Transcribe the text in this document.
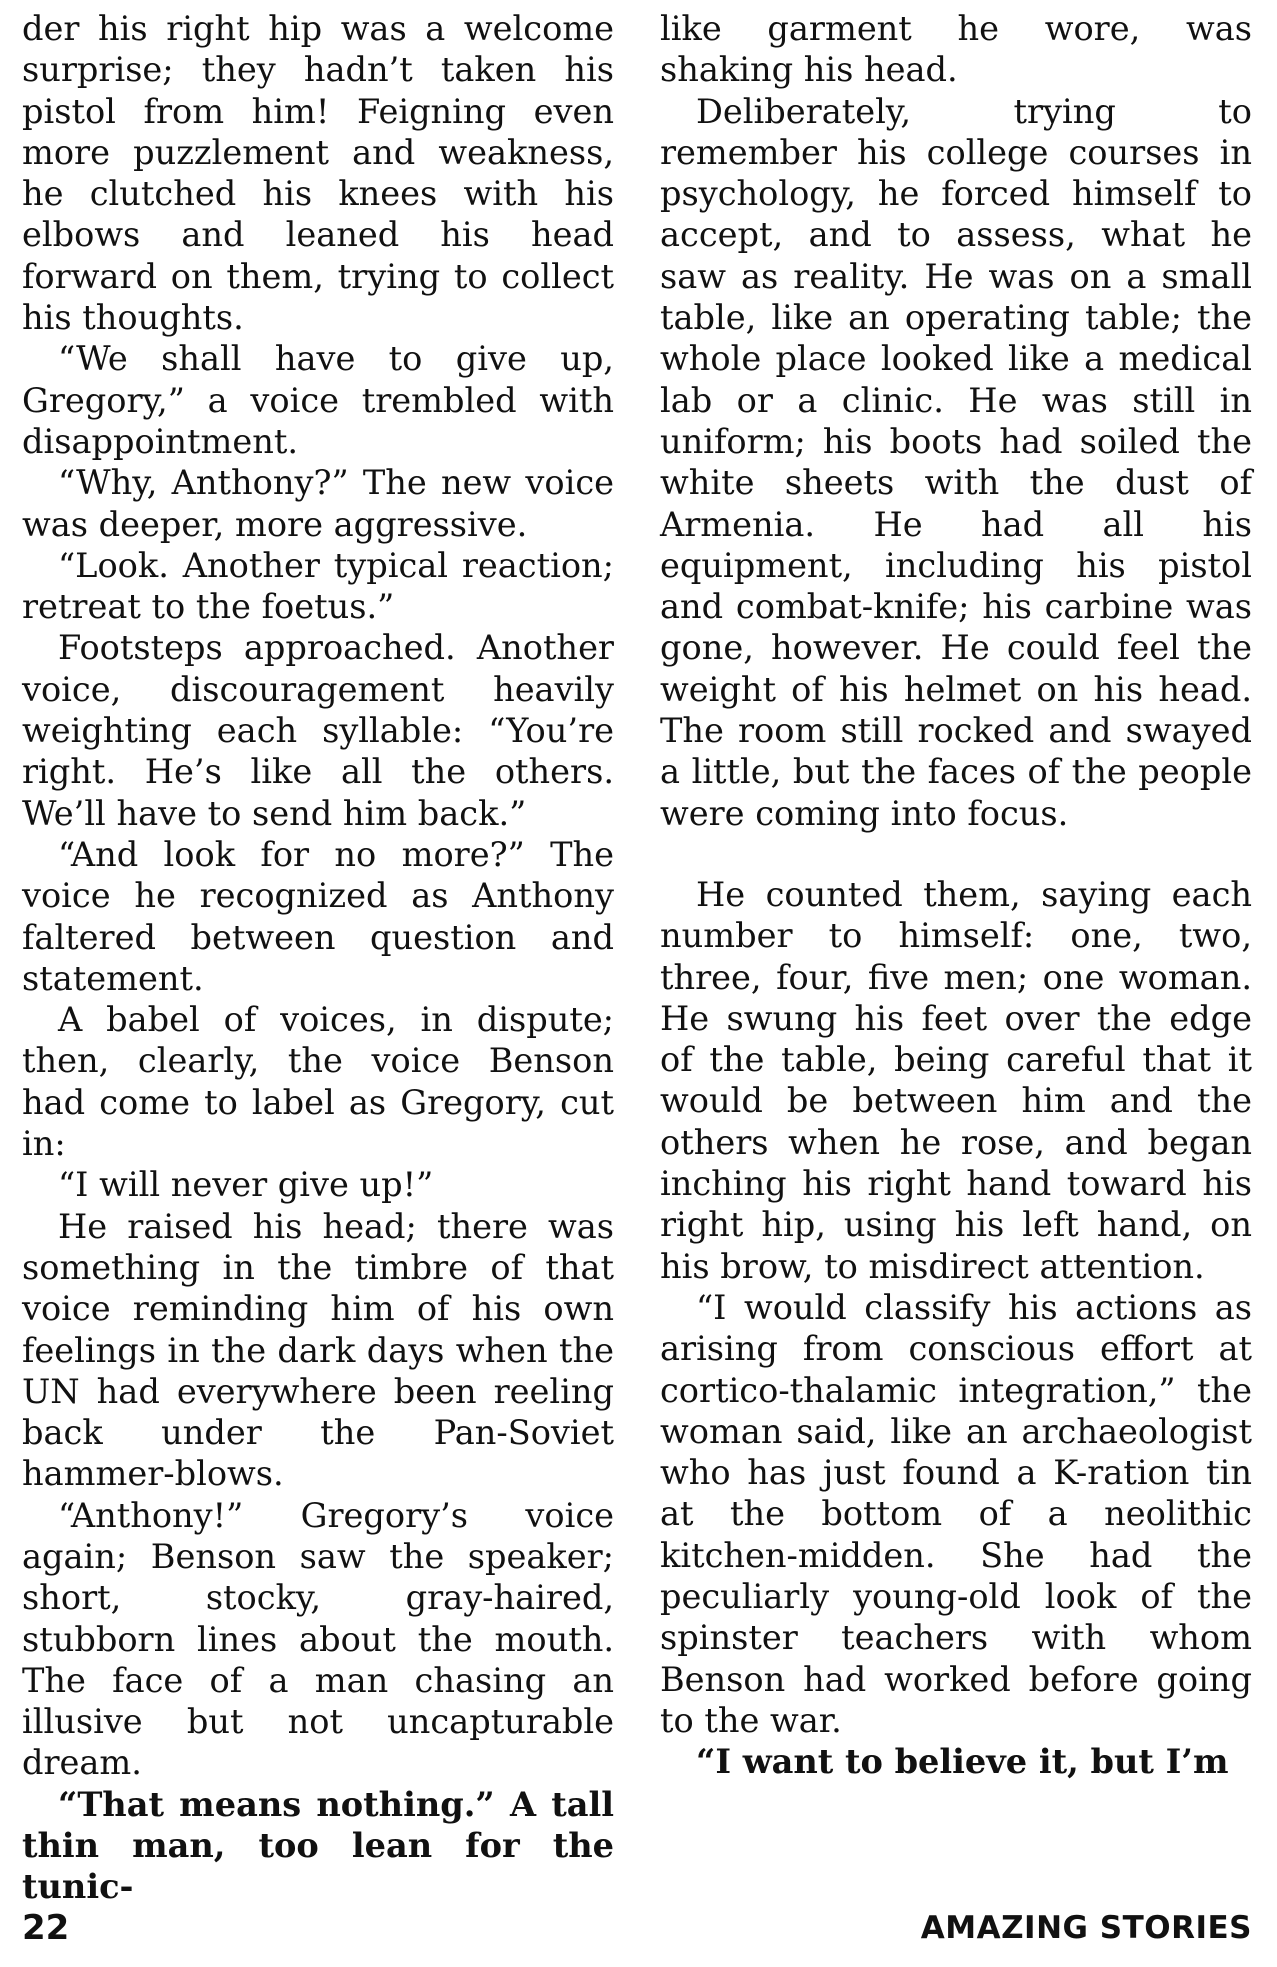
der his right hip was a welcome surprise; they hadn’t taken his pistol from him! Feigning even more puzzlement and weakness, he clutched his knees with his elbows and leaned his head forward on them, trying to collect his thoughts.

“We shall have to give up, Gregory,” a voice trembled with disappointment.

“Why, Anthony?” The new voice was deeper, more aggressive.

“Look. Another typical reaction; retreat to the foetus.”

Footsteps approached. Another voice, discouragement heavily weighting each syllable: “You’re right. He’s like all the others. We’ll have to send him back.”

“And look for no more?” The voice he recognized as Anthony faltered between question and statement.

A babel of voices, in dispute; then, clearly, the voice Benson had come to label as Gregory, cut in:

“I will never give up!”

He raised his head; there was something in the timbre of that voice reminding him of his own feelings in the dark days when the UN had everywhere been reeling back under the Pan-Soviet hammer-blows.

“Anthony!” Gregory’s voice again; Benson saw the speaker; short, stocky, gray-haired, stubborn lines about the mouth. The face of a man chasing an illusive but not uncapturable dream.

“That means nothing.” A tall thin man, too lean for the tunic-

like garment he wore, was shaking his head.

Deliberately, trying to remember his college courses in psychology, he forced himself to accept, and to assess, what he saw as reality. He was on a small table, like an operating table; the whole place looked like a medical lab or a clinic. He was still in uniform; his boots had soiled the white sheets with the dust of Armenia. He had all his equipment, including his pistol and combat-knife; his carbine was gone, however. He could feel the weight of his helmet on his head. The room still rocked and swayed a little, but the faces of the people were coming into focus.

He counted them, saying each number to himself: one, two, three, four, five men; one woman. He swung his feet over the edge of the table, being careful that it would be between him and the others when he rose, and began inching his right hand toward his right hip, using his left hand, on his brow, to misdirect attention.

“I would classify his actions as arising from conscious effort at cortico-thalamic integration,” the woman said, like an archaeologist who has just found a K-ration tin at the bottom of a neolithic kitchen-midden. She had the peculiarly young-old look of the spinster teachers with whom Benson had worked before going to the war.

“I want to believe it, but I’m

22	AMAZING STORIES
